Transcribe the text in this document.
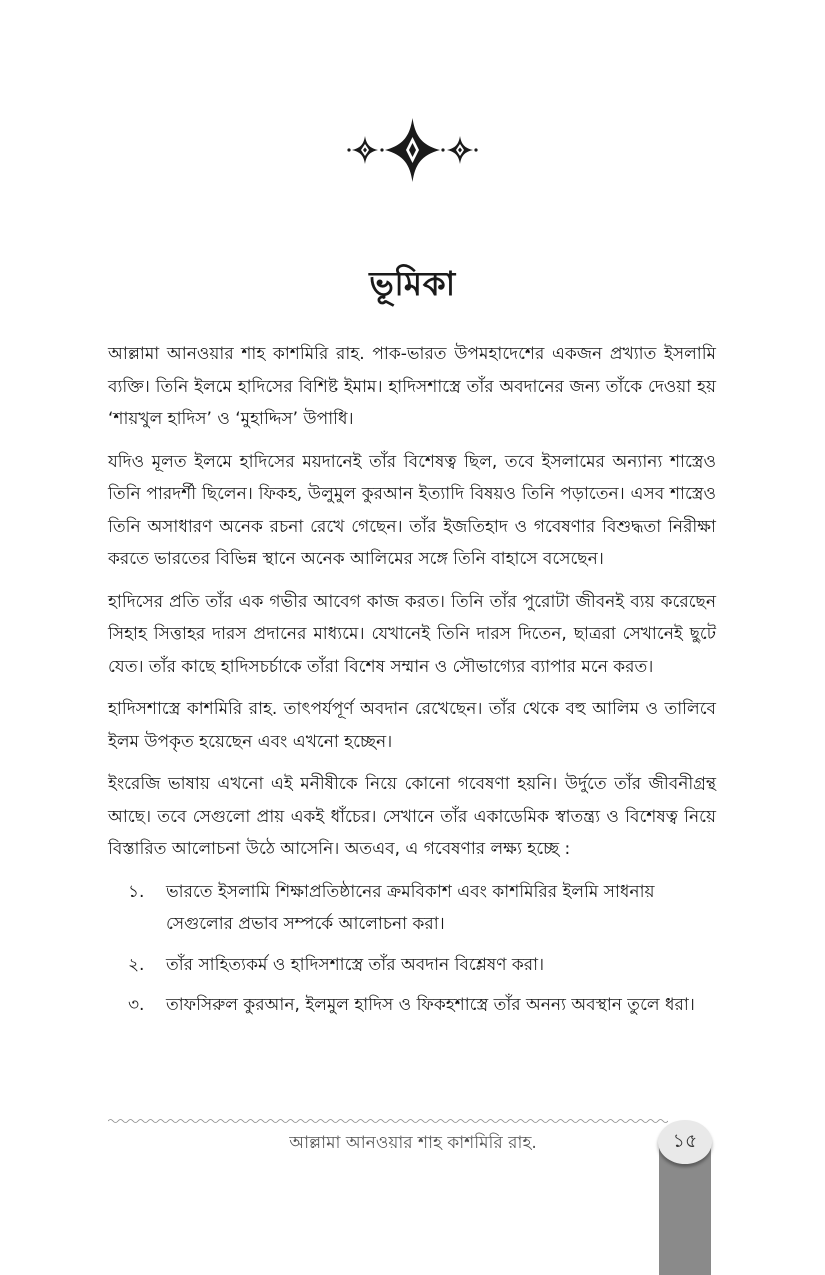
ভূমিকা

আল্লামা আনওয়ার শাহ কাশমিরি রাহ. পাক-ভারত উপমহাদেশের একজন প্রখ্যাত ইসলামি ব্যক্তি। তিনি ইলমে হাদিসের বিশিষ্ট ইমাম। হাদিসশাস্ত্রে তাঁর অবদানের জন্য তাঁকে দেওয়া হয় ‘শায়খুল হাদিস’ ও ‘মুহাদ্দিস’ উপাধি।

যদিও মূলত ইলমে হাদিসের ময়দানেই তাঁর বিশেষত্ব ছিল, তবে ইসলামের অন্যান্য শাস্ত্রেও তিনি পারদর্শী ছিলেন। ফিকহ, উলুমুল কুরআন ইত্যাদি বিষয়ও তিনি পড়াতেন। এসব শাস্ত্রেও তিনি অসাধারণ অনেক রচনা রেখে গেছেন। তাঁর ইজতিহাদ ও গবেষণার বিশুদ্ধতা নিরীক্ষা করতে ভারতের বিভিন্ন স্থানে অনেক আলিমের সঙ্গে তিনি বাহাসে বসেছেন।

হাদিসের প্রতি তাঁর এক গভীর আবেগ কাজ করত। তিনি তাঁর পুরোটা জীবনই ব্যয় করেছেন সিহাহ সিত্তাহর দারস প্রদানের মাধ্যমে। যেখানেই তিনি দারস দিতেন, ছাত্ররা সেখানেই ছুটে যেত। তাঁর কাছে হাদিসচর্চাকে তাঁরা বিশেষ সম্মান ও সৌভাগ্যের ব্যাপার মনে করত।

হাদিসশাস্ত্রে কাশমিরি রাহ. তাৎপর্যপূর্ণ অবদান রেখেছেন। তাঁর থেকে বহু আলিম ও তালিবে ইলম উপকৃত হয়েছেন এবং এখনো হচ্ছেন।

ইংরেজি ভাষায় এখনো এই মনীষীকে নিয়ে কোনো গবেষণা হয়নি। উর্দুতে তাঁর জীবনীগ্রন্থ আছে। তবে সেগুলো প্রায় একই ধাঁচের। সেখানে তাঁর একাডেমিক স্বাতন্ত্র্য ও বিশেষত্ব নিয়ে বিস্তারিত আলোচনা উঠে আসেনি। অতএব, এ গবেষণার লক্ষ্য হচ্ছে :

১.	ভারতে ইসলামি শিক্ষাপ্রতিষ্ঠানের ক্রমবিকাশ এবং কাশমিরির ইলমি সাধনায় সেগুলোর প্রভাব সম্পর্কে আলোচনা করা।
২.	তাঁর সাহিত্যকর্ম ও হাদিসশাস্ত্রে তাঁর অবদান বিশ্লেষণ করা।
৩.	তাফসিরুল কুরআন, ইলমুল হাদিস ও ফিকহশাস্ত্রে তাঁর অনন্য অবস্থান তুলে ধরা।
আল্লামা আনওয়ার শাহ কাশমিরি রাহ.	১৫
